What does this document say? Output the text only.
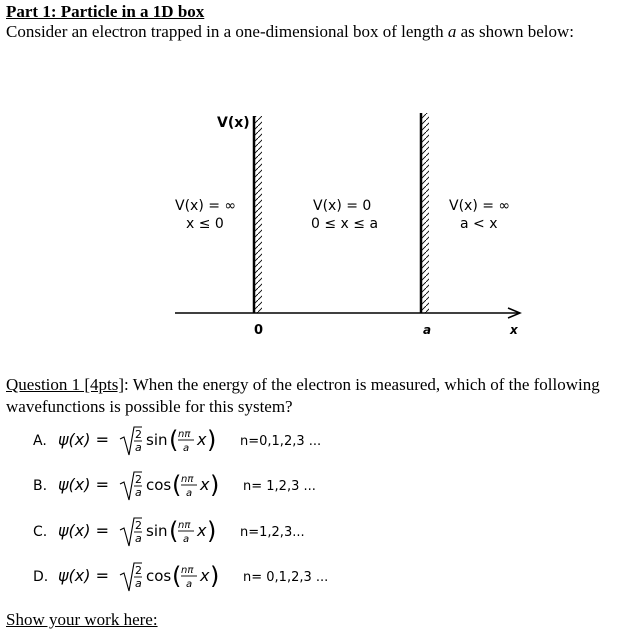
Part 1: Particle in a 1D box
Consider an electron trapped in a one-dimensional box of length a as shown below:
V(x)
V(x) = ∞
x ≤ 0
V(x) = 0
0 ≤ x ≤ a
V(x) = ∞
a < x
0	a	x
Question 1 [4pts]: When the energy of the electron is measured, which of the following
wavefunctions is possible for this system?
A. ψ(x) = 2
a sin ( nπ
a x ) n=0,1,2,3 ...
B. ψ(x) = 2
a cos ( nπ
a x ) n= 1,2,3 ...
C. ψ(x) = 2
a sin ( nπ
a x ) n=1,2,3...
D. ψ(x) = 2
a cos ( nπ
a x ) n= 0,1,2,3 ...
Show your work here:
